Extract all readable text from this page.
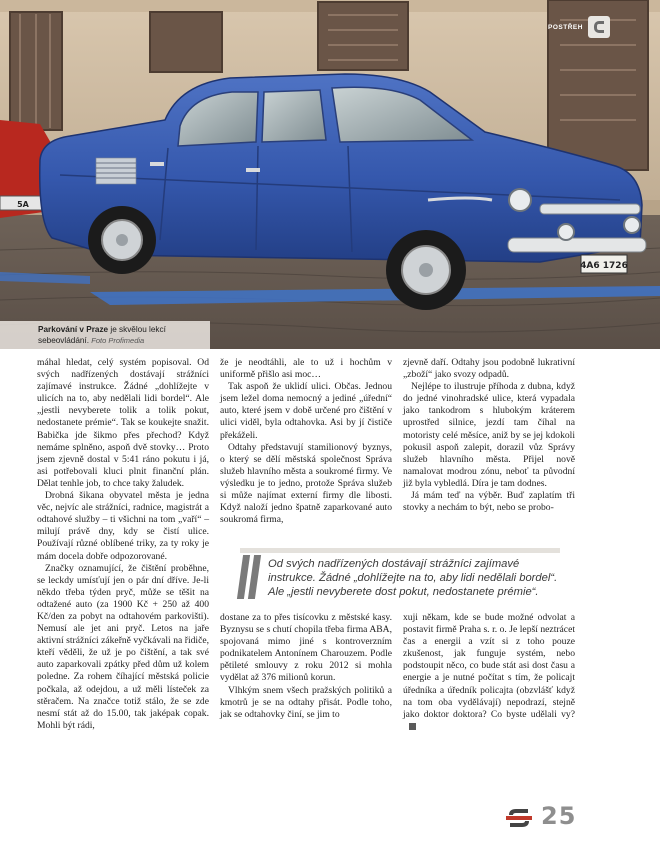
4A6 1726
5A
POSTŘEH
Parkování v Praze je skvělou lekcí sebeovládání. Foto Profimedia

máhal hledat, celý systém popisoval. Od svých nadřízených dostávají strážníci zajímavé instrukce. Žádné „dohlížejte v ulicích na to, aby nedělali lidi bordel“. Ale „jestli nevyberete tolik a tolik pokut, nedostanete prémie“. Tak se koukejte snažit. Babička jde šikmo přes přechod? Když nemáme splněno, aspoň dvě stovky… Proto jsem zjevně dostal v 5:41 ráno pokutu i já, asi potřebovali kluci plnit finanční plán. Dělat tenhle job, to chce taky žaludek.

Drobná šikana obyvatel města je jedna věc, nejvíc ale strážníci, radnice, magistrát a odtahové služby – ti všichni na tom „vaří“ – milují právě dny, kdy se čistí ulice. Používají různé oblíbené triky, za ty roky je mám docela dobře odpozorované.

Značky oznamující, že čištění proběhne, se leckdy umísťují jen o pár dní dříve. Je-li někdo třeba týden pryč, může se těšit na odtažené auto (za 1900 Kč + 250 až 400 Kč/den za pobyt na odtahovém parkovišti). Nemusí ale jet ani pryč. Letos na jaře aktivní strážníci zákeřně vyčkávali na řidiče, kteří věděli, že už je po čištění, a tak své auto zaparkovali zpátky před dům už kolem poledne. Za rohem číhající městská policie počkala, až odejdou, a už měli lísteček za stěračem. Na značce totiž stálo, že se zde nesmí stát až do 15.00, tak jaképak copak. Mohli být rádi,

že je neodtáhli, ale to už i hochům v uniformě přišlo asi moc…

Tak aspoň že uklidí ulici. Občas. Jednou jsem ležel doma nemocný a jediné „úřední“ auto, které jsem v době určené pro čištění v ulici viděl, byla odtahovka. Asi by jí čističe překáželi.

Odtahy představují stamilionový byznys, o který se dělí městská společnost Správa služeb hlavního města a soukromé firmy. Ve výsledku je to jedno, protože Správa služeb si může najímat externí firmy dle libosti. Když naloží jedno špatně zaparkované auto soukromá firma,

zjevně daří. Odtahy jsou podobně lukrativní „zboží“ jako svozy odpadů.

Nejlépe to ilustruje příhoda z dubna, když do jedné vinohradské ulice, která vypadala jako tankodrom s hlubokým kráterem uprostřed silnice, jezdí tam číhal na motoristy celé měsíce, aniž by se jej kdokoli pokusil aspoň zalepit, dorazil vůz Správy služeb hlavního města. Přijel nově namalovat modrou zónu, neboť ta původní již byla vybledlá. Díra je tam dodnes.

Já mám teď na výběr. Buď zaplatím tři stovky a nechám to být, nebo se probo-

Od svých nadřízených dostávají strážníci zajímavé instrukce. Žádné „dohlížejte na to, aby lidi nedělali bordel“. Ale „jestli nevyberete dost pokut, nedostanete prémie“.

dostane za to přes tisícovku z městské kasy. Byznysu se s chutí chopila třeba firma ABA, spojovaná mimo jiné s kontroverzním podnikatelem Antonínem Charouzem. Podle pětileté smlouvy z roku 2012 si mohla vydělat až 376 milionů korun.

Vlhkým snem všech pražských politiků a kmotrů je se na odtahy přisát. Podle toho, jak se odtahovky činí, se jim to

xuji někam, kde se bude možné odvolat a postavit firmě Praha s. r. o. Je lepší neztrácet čas a energii a vzít si z toho pouze zkušenost, jak funguje systém, nebo podstoupit něco, co bude stát asi dost času a energie a je nutné počítat s tím, že policajt úředníka a úředník policajta (obzvlášť když na tom oba vydělávají) nepodrazí, stejně jako doktor doktora? Co byste udělali vy?

25
